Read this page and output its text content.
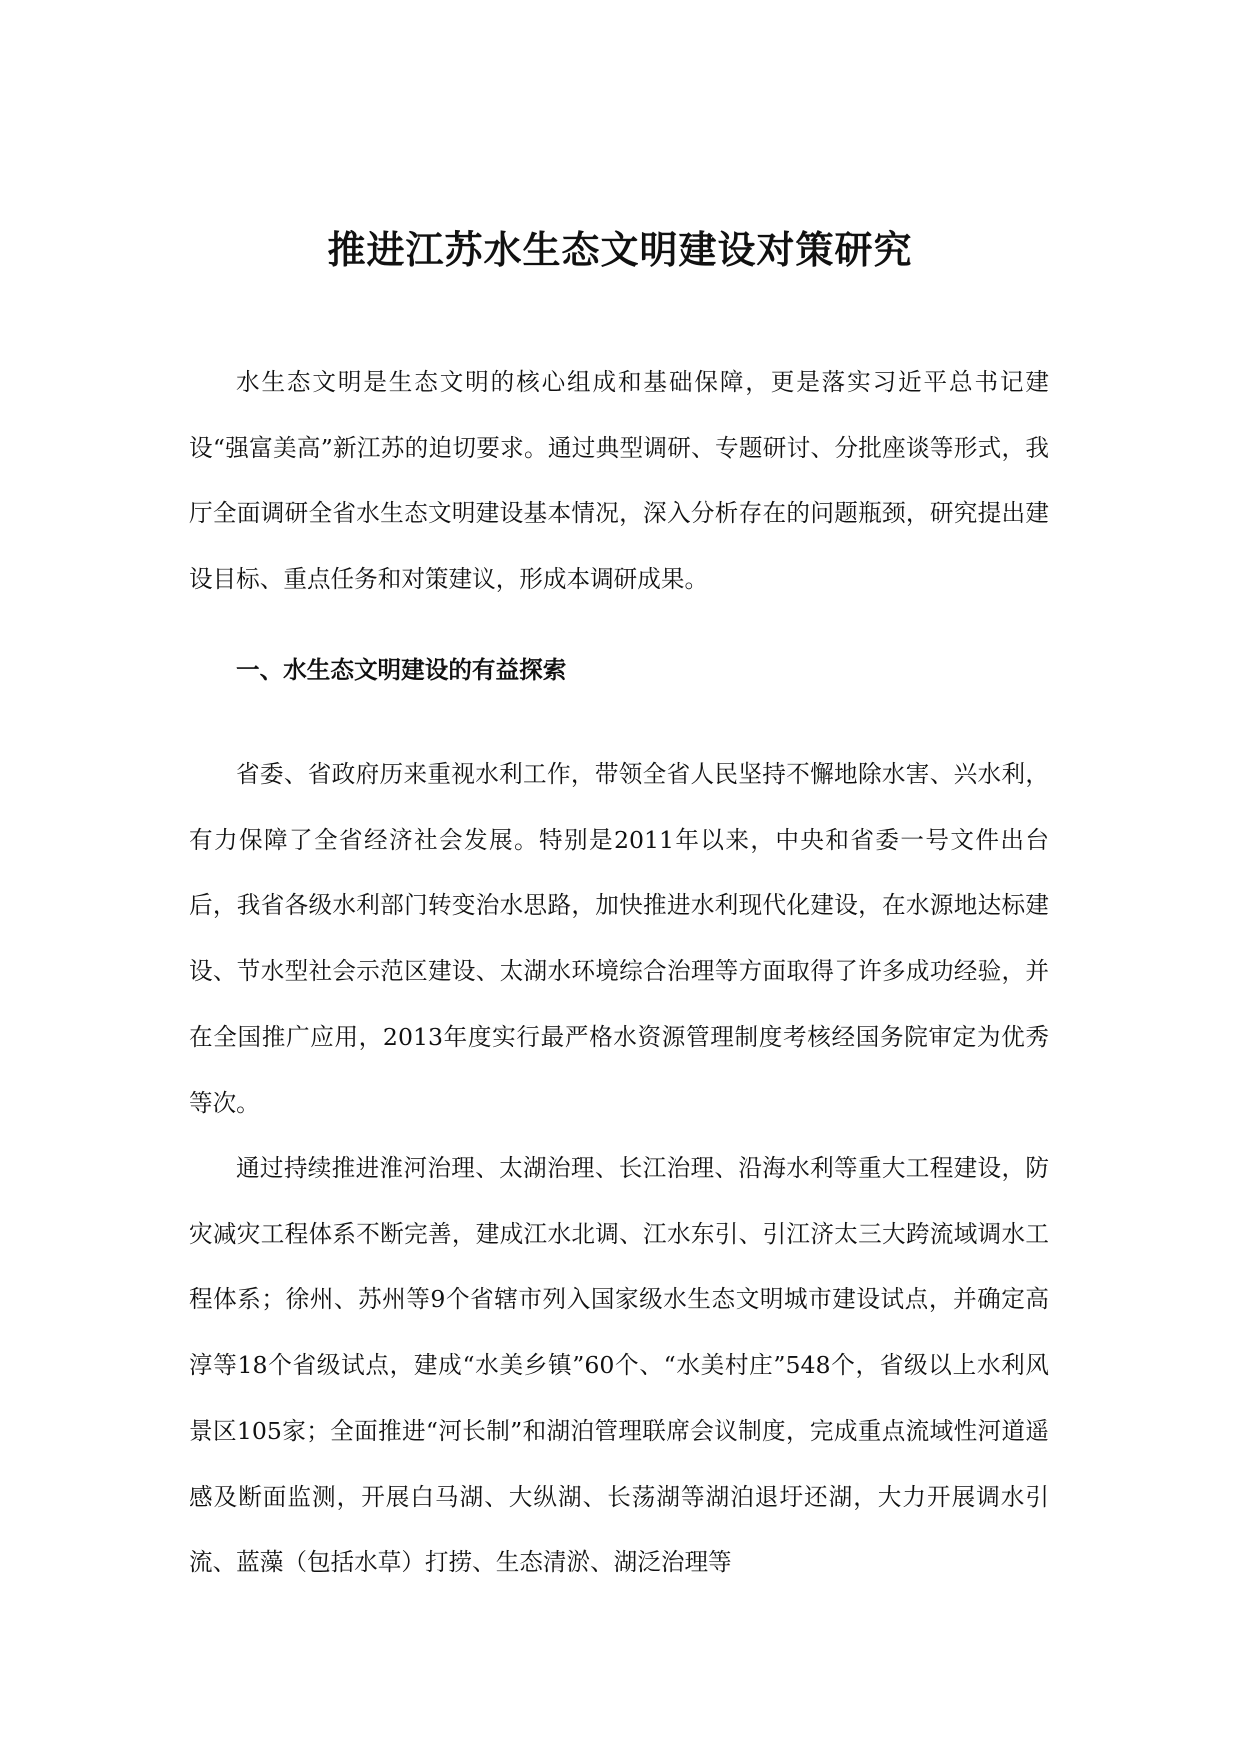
推进江苏水生态文明建设对策研究

水生态文明是生态文明的核心组成和基础保障，更是落实习近平总书记建设“强富美高”新江苏的迫切要求。通过典型调研、专题研讨、分批座谈等形式，我厅全面调研全省水生态文明建设基本情况，深入分析存在的问题瓶颈，研究提出建设目标、重点任务和对策建议，形成本调研成果。

一、水生态文明建设的有益探索

省委、省政府历来重视水利工作，带领全省人民坚持不懈地除水害、兴水利，有力保障了全省经济社会发展。特别是2011年以来，中央和省委一号文件出台后，我省各级水利部门转变治水思路，加快推进水利现代化建设，在水源地达标建设、节水型社会示范区建设、太湖水环境综合治理等方面取得了许多成功经验，并在全国推广应用，2013年度实行最严格水资源管理制度考核经国务院审定为优秀等次。

通过持续推进淮河治理、太湖治理、长江治理、沿海水利等重大工程建设，防灾减灾工程体系不断完善，建成江水北调、江水东引、引江济太三大跨流域调水工程体系；徐州、苏州等9个省辖市列入国家级水生态文明城市建设试点，并确定高淳等18个省级试点，建成“水美乡镇”60个、“水美村庄”548个，省级以上水利风景区105家；全面推进“河长制”和湖泊管理联席会议制度，完成重点流域性河道遥感及断面监测，开展白马湖、大纵湖、长荡湖等湖泊退圩还湖，大力开展调水引流、蓝藻（包括水草）打捞、生态清淤、湖泛治理等
